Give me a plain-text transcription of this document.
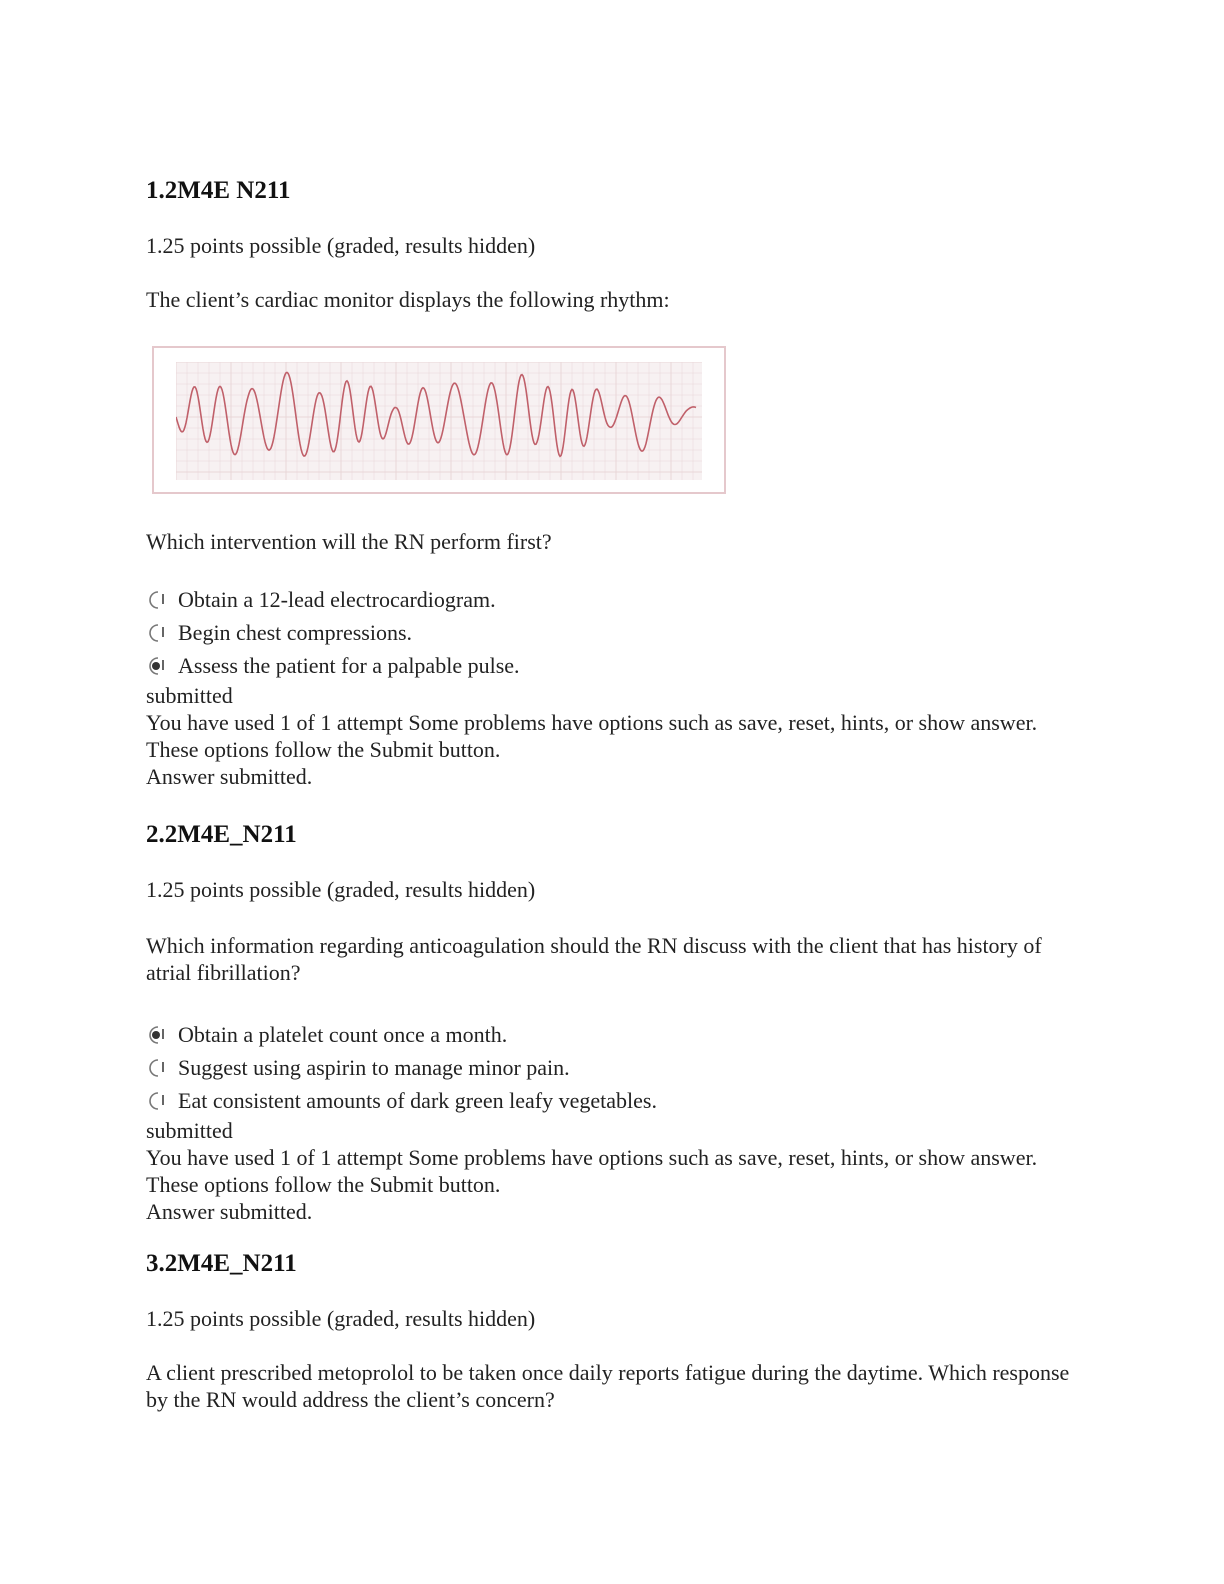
1.2M4E N211
1.25 points possible (graded, results hidden)
The client’s cardiac monitor displays the following rhythm:
Which intervention will the RN perform first?
Obtain a 12-lead electrocardiogram.
Begin chest compressions.
Assess the patient for a palpable pulse.
submitted
You have used 1 of 1 attempt Some problems have options such as save, reset, hints, or show answer. These options follow the Submit button.
Answer submitted.
2.2M4E_N211
1.25 points possible (graded, results hidden)
Which information regarding anticoagulation should the RN discuss with the client that has history of atrial fibrillation?
Obtain a platelet count once a month.
Suggest using aspirin to manage minor pain.
Eat consistent amounts of dark green leafy vegetables.
submitted
You have used 1 of 1 attempt Some problems have options such as save, reset, hints, or show answer. These options follow the Submit button.
Answer submitted.
3.2M4E_N211
1.25 points possible (graded, results hidden)
A client prescribed metoprolol to be taken once daily reports fatigue during the daytime. Which response by the RN would address the client’s concern?
